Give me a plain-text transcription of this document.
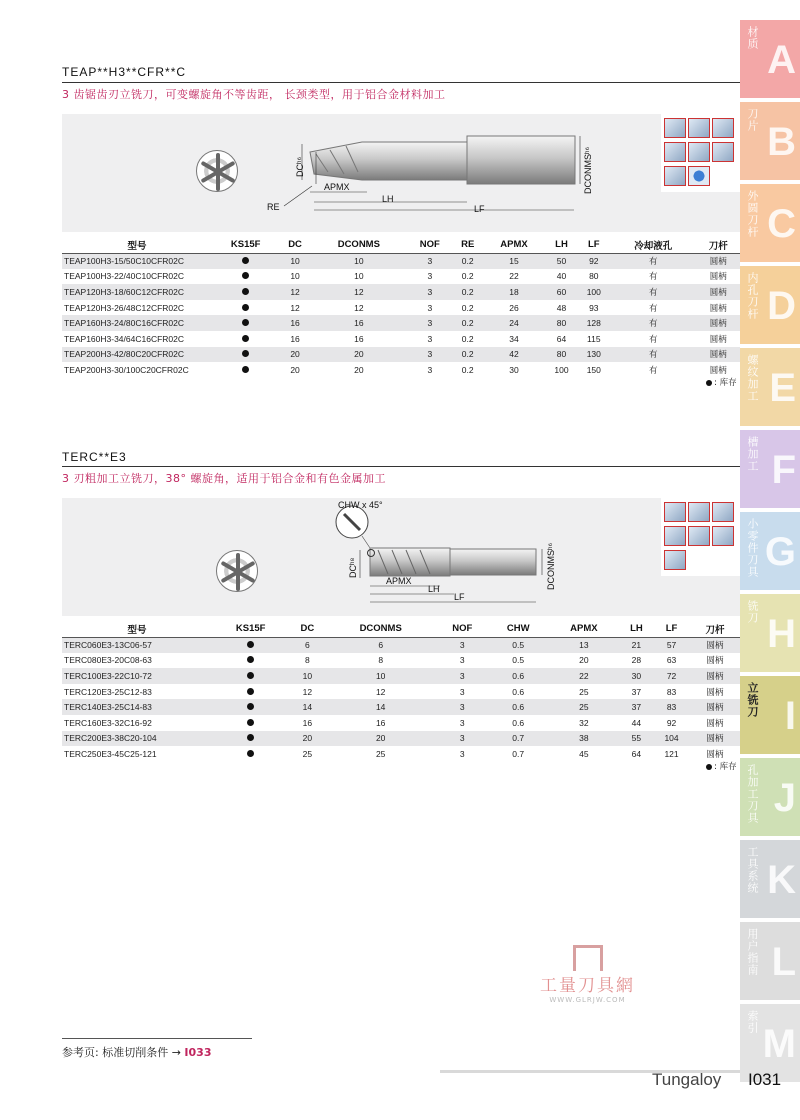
TEAP**H3**CFR**C
3 齿锯齿刃立铣刀，可变螺旋角不等齿距， 长颈类型，用于铝合金材料加工
DCʰ⁶
APMX
LH
LF
RE
DCONMSʰ⁶
型号	KS15F	DC	DCONMS	NOF	RE	APMX	LH	LF	冷却液孔	刀杆
TEAP100H3-15/50C10CFR02C		10	10	3	0.2	15	50	92	有	圆柄
TEAP100H3-22/40C10CFR02C		10	10	3	0.2	22	40	80	有	圆柄
TEAP120H3-18/60C12CFR02C		12	12	3	0.2	18	60	100	有	圆柄
TEAP120H3-26/48C12CFR02C		12	12	3	0.2	26	48	93	有	圆柄
TEAP160H3-24/80C16CFR02C		16	16	3	0.2	24	80	128	有	圆柄
TEAP160H3-34/64C16CFR02C		16	16	3	0.2	34	64	115	有	圆柄
TEAP200H3-42/80C20CFR02C		20	20	3	0.2	42	80	130	有	圆柄
TEAP200H3-30/100C20CFR02C		20	20	3	0.2	30	100	150	有	圆柄
: 库存
TERC**E3
3 刃粗加工立铣刀，38° 螺旋角，适用于铝合金和有色金属加工
CHW x 45°
DCʰ⁸
APMX
LH
LF
DCONMSʰ⁶
型号	KS15F	DC	DCONMS	NOF	CHW	APMX	LH	LF	刀杆
TERC060E3-13C06-57		6	6	3	0.5	13	21	57	圆柄
TERC080E3-20C08-63		8	8	3	0.5	20	28	63	圆柄
TERC100E3-22C10-72		10	10	3	0.6	22	30	72	圆柄
TERC120E3-25C12-83		12	12	3	0.6	25	37	83	圆柄
TERC140E3-25C14-83		14	14	3	0.6	25	37	83	圆柄
TERC160E3-32C16-92		16	16	3	0.6	32	44	92	圆柄
TERC200E3-38C20-104		20	20	3	0.7	38	55	104	圆柄
TERC250E3-45C25-121		25	25	3	0.7	45	64	121	圆柄
: 库存
材质 A
刀片 B
外圆刀杆 C
内孔刀杆 D
螺纹加工 E
槽加工 F
小零件刀具 G
铣刀 H
立铣刀 I
孔加工刀具 J
工具系统 K
用户指南 L
索引 M
工量刀具網
WWW.GLRJW.COM
参考页: 标准切削条件 → I033
Tungaloy I031
